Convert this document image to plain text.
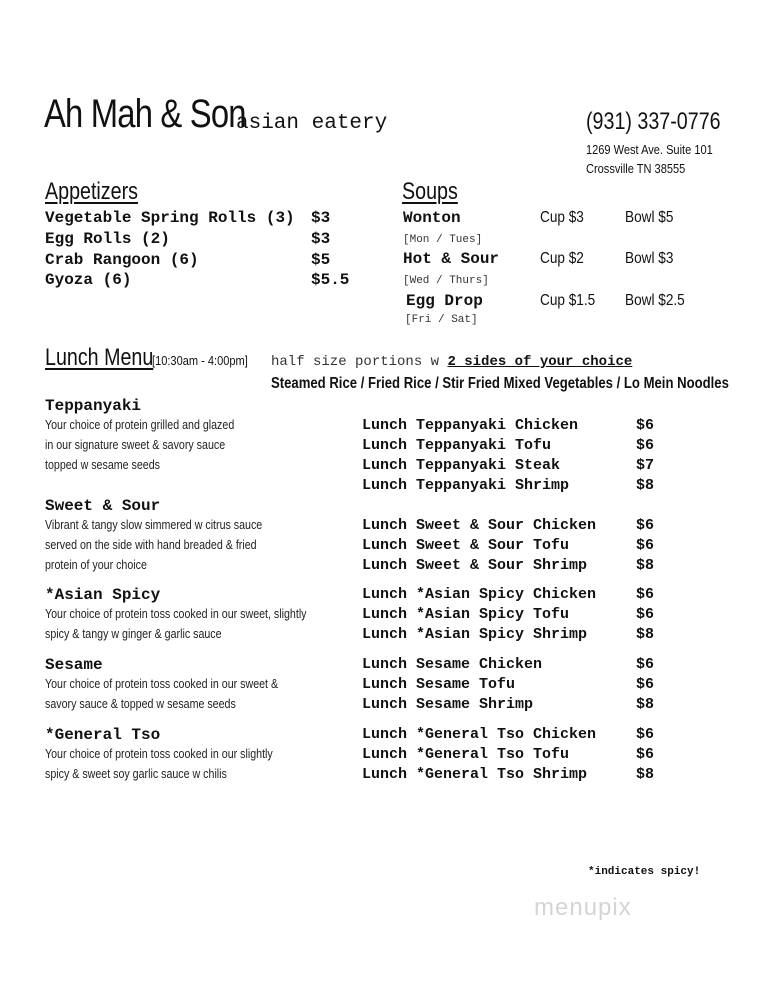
Ah Mah & Son
asian eatery	(931) 337-0776
1269 West Ave. Suite 101
Crossville TN 38555
Appetizers
Vegetable Spring Rolls (3) $3
Egg Rolls (2)	$3
Crab Rangoon (6)	$5
Gyoza (6)	$5.5
Soups
Wonton	Cup $3	Bowl $5
[Mon / Tues]
Hot & Sour	Cup $2	Bowl $3
[Wed / Thurs]
Egg Drop	Cup $1.5 Bowl $2.5
[Fri / Sat]
Lunch Menu
[10:30am - 4:00pm] half size portions w 2 sides of your choice
Steamed Rice / Fried Rice / Stir Fried Mixed Vegetables / Lo Mein Noodles
Teppanyaki
Your choice of protein grilled and glazed
in our signature sweet & savory sauce
topped w sesame seeds
Lunch Teppanyaki Chicken	$6
Lunch Teppanyaki Tofu	$6
Lunch Teppanyaki Steak	$7
Lunch Teppanyaki Shrimp	$8
Sweet & Sour
Vibrant & tangy slow simmered w citrus sauce
served on the side with hand breaded & fried
protein of your choice
Lunch Sweet & Sour Chicken	$6
Lunch Sweet & Sour Tofu	$6
Lunch Sweet & Sour Shrimp	$8
*Asian Spicy
Your choice of protein toss cooked in our sweet, slightly
spicy & tangy w ginger & garlic sauce
Lunch *Asian Spicy Chicken	$6
Lunch *Asian Spicy Tofu	$6
Lunch *Asian Spicy Shrimp	$8
Sesame
Your choice of protein toss cooked in our sweet &
savory sauce & topped w sesame seeds
Lunch Sesame Chicken	$6
Lunch Sesame Tofu	$6
Lunch Sesame Shrimp	$8
*General Tso
Your choice of protein toss cooked in our slightly
spicy & sweet soy garlic sauce w chilis
Lunch *General Tso Chicken	$6
Lunch *General Tso Tofu	$6
Lunch *General Tso Shrimp	$8
*indicates spicy!
menupix
